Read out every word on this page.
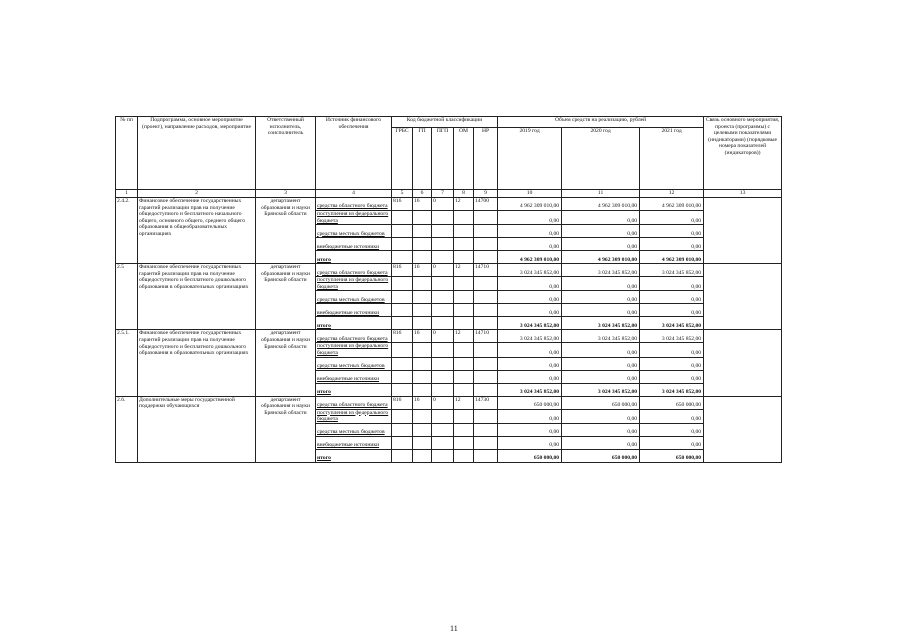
№ пп	Подпрограмма, основное мероприятие (проект), направление расходов, мероприятие	Ответственный исполнитель, соисполнитель	Источник финансового обеспечения	Код бюджетной классификации					Объем средств на реализацию, рублей			Связь основного мероприятия, проекта (программы) с целевыми показателями (индикаторами) (порядковые номера показателей (индикаторов))
				ГРБС	ГП	ПГП	ОМ	НР	2019 год	2020 год	2021 год	
1	2	3	4	5	6	7	8	9	10	11	12	13
2.4.2.	Финансовое обеспечение государственных гарантий реализации прав на получение общедоступного и бесплатного начального общего, основного общего, среднего общего образования в общеобразовательных организациях	департамент образования и науки Брянской области	средства областного бюджета	816	16	0	12	14700	4 962 309 010,00	4 962 309 010,00	4 962 309 010,00	
			поступления из федерального бюджета						0,00	0,00	0,00	
			средства местных бюджетов						0,00	0,00	0,00	
			внебюджетные источники						0,00	0,00	0,00	
			итого						4 962 309 010,00	4 962 309 010,00	4 962 309 010,00	
2.5	Финансовое обеспечение государственных гарантий реализации прав на получение общедоступного и бесплатного дошкольного образования в образовательных организациях	департамент образования и науки Брянской области	средства областного бюджета	816	16	0	12	14710	3 024 345 852,00	3 024 345 852,00	3 024 345 852,00	
			поступления из федерального бюджета						0,00	0,00	0,00	
			средства местных бюджетов						0,00	0,00	0,00	
			внебюджетные источники						0,00	0,00	0,00	
			итого						3 024 345 852,00	3 024 345 852,00	3 024 345 852,00	
2.5.1.	Финансовое обеспечение государственных гарантий реализации прав на получение общедоступного и бесплатного дошкольного образования в образовательных организациях	департамент образования и науки Брянской области	средства областного бюджета	816	16	0	12	14710	3 024 345 852,00	3 024 345 852,00	3 024 345 852,00	
			поступления из федерального бюджета						0,00	0,00	0,00	
			средства местных бюджетов						0,00	0,00	0,00	
			внебюджетные источники						0,00	0,00	0,00	
			итого						3 024 345 852,00	3 024 345 852,00	3 024 345 852,00	
2.6.	Дополнительные меры государственной поддержки обучающихся	департамент образования и науки Брянской области	средства областного бюджета	816	16	0	12	14730	650 000,00	650 000,00	650 000,00	
			поступления из федерального бюджета						0,00	0,00	0,00	
			средства местных бюджетов						0,00	0,00	0,00	
			внебюджетные источники						0,00	0,00	0,00	
			итого						650 000,00	650 000,00	650 000,00	
11
